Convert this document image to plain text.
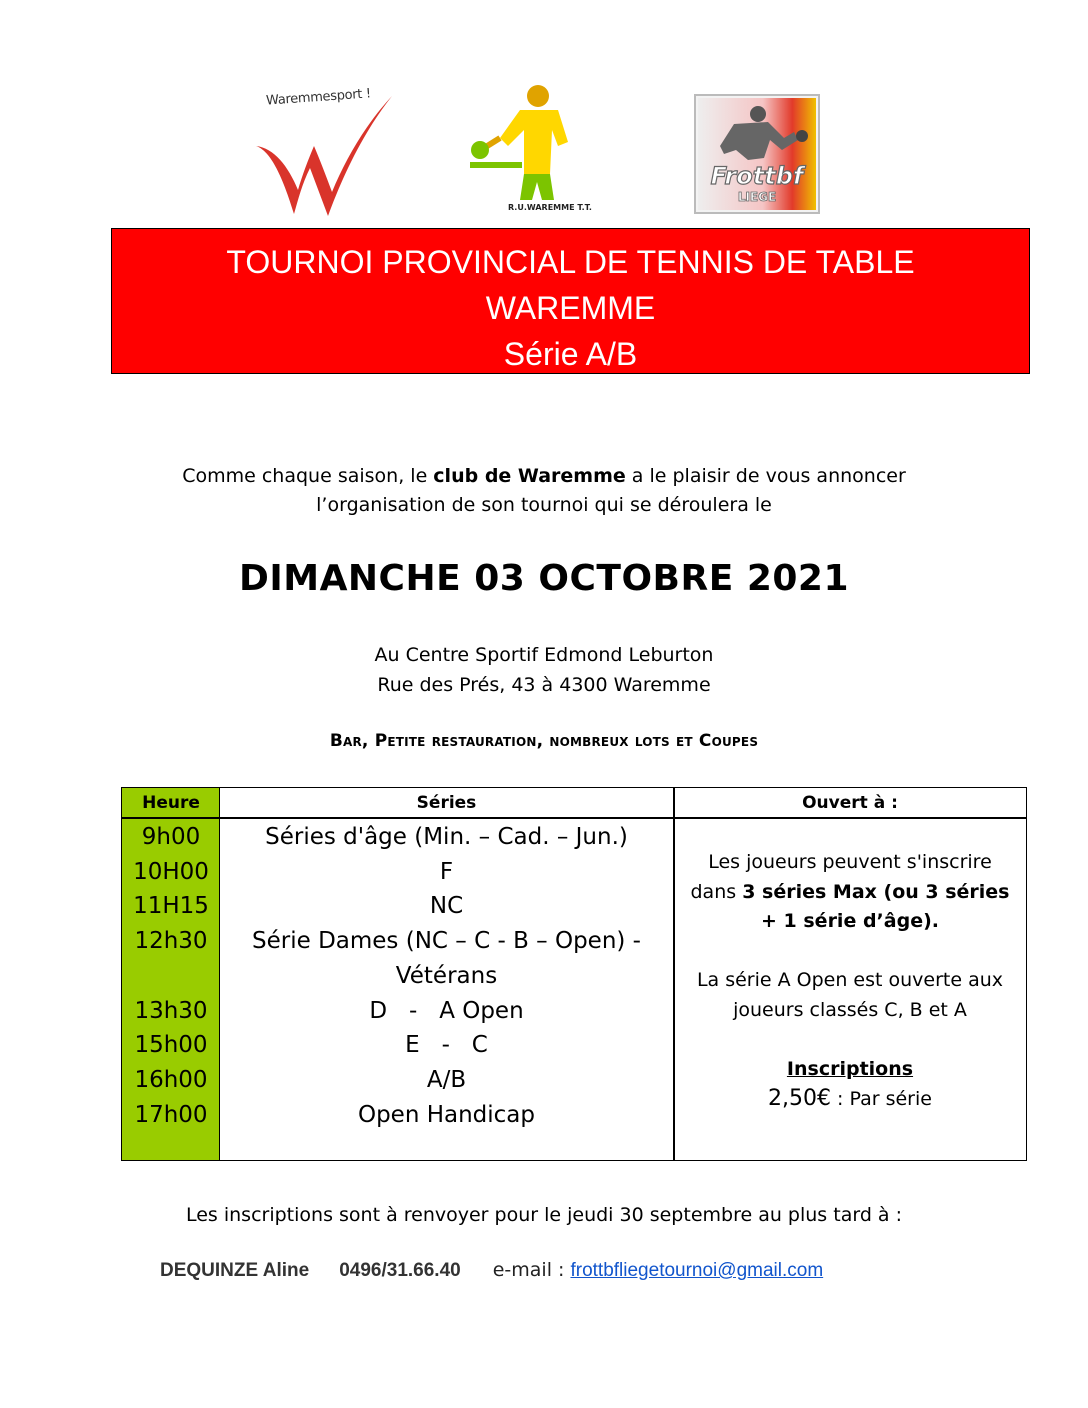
Waremmesport !
R.U.WAREMME T.T.
Frottbf
LIEGE
TOURNOI PROVINCIAL DE TENNIS DE TABLE
WAREMME
Série A/B
Comme chaque saison, le club de Waremme a le plaisir de vous annoncer
l’organisation de son tournoi qui se déroulera le
DIMANCHE 03 OCTOBRE 2021
Au Centre Sportif Edmond Leburton
Rue des Prés, 43 à 4300 Waremme
Bar, Petite restauration, nombreux lots et Coupes
Heure	Séries	Ouvert à :
9h00
10H00
11H15
12h30

13h30
15h00
16h00
17h00
Séries d'âge (Min. – Cad. – Jun.)
F
NC
Série Dames (NC – C - B – Open) -
Vétérans
D   -   A Open
E   -   C
A/B
Open Handicap
Les joueurs peuvent s'inscrire
dans 3 séries Max (ou 3 séries
+ 1 série d’âge).
La série A Open est ouverte aux
joueurs classés C, B et A
Inscriptions
2,50€ : Par série
Les inscriptions sont à renvoyer pour le jeudi 30 septembre au plus tard à :
DEQUINZE Aline 0496/31.66.40 e-mail : frottbfliegetournoi@gmail.com
